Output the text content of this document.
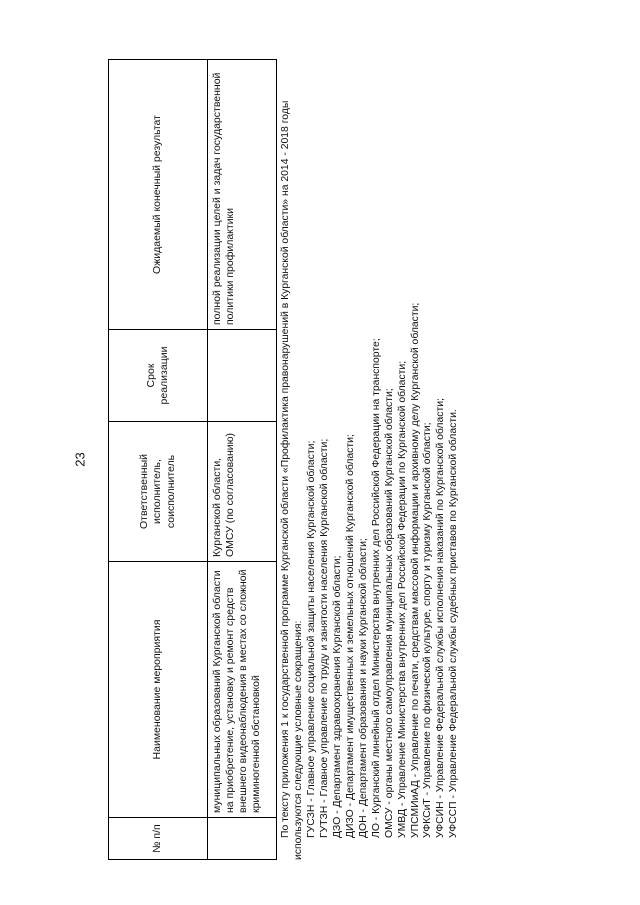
23
№ п/п	Наименование мероприятия	Ответственный исполнитель, соисполнитель	Срок реализации	Ожидаемый конечный результат
	муниципальных образований Курганской области на приобретение, установку и ремонт средств внешнего видеонаблюдения в местах со сложной криминогенной обстановкой	Курганской области, ОМСУ (по согласованию)		полной реализации целей и задач государственной политики профилактики	По тексту приложения 1 к государственной программе Курганской области «Профилактика правонарушений в Курганской области» на 2014 - 2018 годы используются следующие условные сокращения: ГУСЗН - Главное управление социальной защиты населения Курганской области; ГУТЗН - Главное управление по труду и занятости населения Курганской области; ДЗО - Департамент здравоохранения Курганской области; ДИЗО - Департамент имущественных и земельных отношений Курганской области; ДОН - Департамент образования и науки Курганской области; ЛО - Курганский линейный отдел Министерства внутренних дел Российской Федерации на транспорте; ОМСУ - органы местного самоуправления муниципальных образований Курганской области; УМВД - Управление Министерства внутренних дел Российской Федерации по Курганской области; УПСМИиАД - Управление по печати, средствам массовой информации и архивному делу Курганской области; УФКСиТ - Управление по физической культуре, спорту и туризму Курганской области; УФСИН - Управление Федеральной службы исполнения наказаний по Курганской области; УФССП - Управление Федеральной службы судебных приставов по Курганской области.
